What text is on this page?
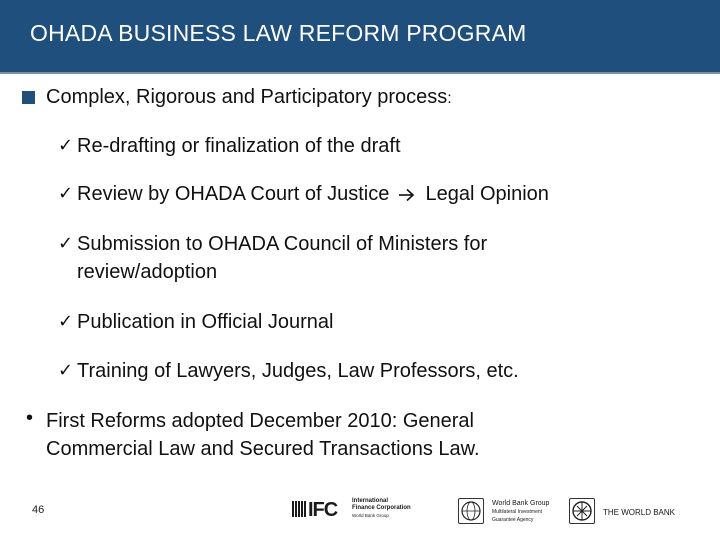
OHADA BUSINESS LAW REFORM PROGRAM
Complex, Rigorous and Participatory process:
✓ Re-drafting or finalization of the draft
✓ Review by OHADA Court of Justice Legal Opinion
✓ Submission to OHADA Council of Ministers for
review/adoption
✓ Publication in Official Journal
✓ Training of Lawyers, Judges, Law Professors, etc.
• First Reforms adopted December 2010: General
Commercial Law and Secured Transactions Law.
46	IFC International
Finance Corporation
World Bank Group
World Bank Group
Multilateral Investment
Guarantee Agency
THE WORLD BANK
